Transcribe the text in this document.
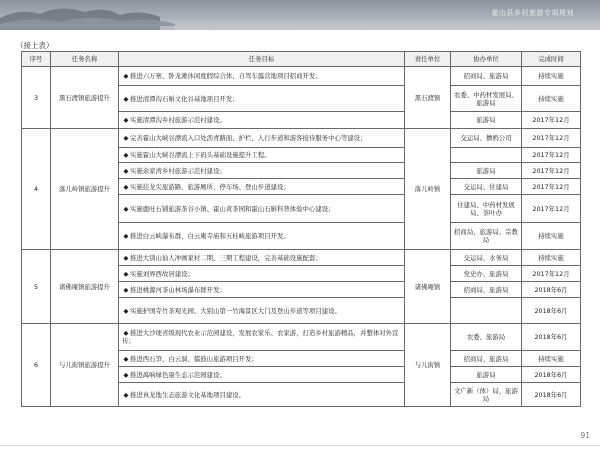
霍山县乡村旅游专项规划
（接上表）
序号	任务名称	任务目标	责任单位	协办单位	完成时间
3	黑石渡镇旅游提升	◆ 推进六万寨、卧龙滩休闲度假综合体、自驾车露营地项目招商开发；	黑石渡镇	招商局、旅游局	持续实施
		◆ 推进清潭沟石斛文化谷基地项目开发；		农委、中药材发展局、旅游局	持续实施
		◆ 实施清潭沟乡村旅游示范村建设。		旅游局	2017年12月
4	落儿岭镇旅游提升	◆ 完善霍山大峡谷漂流入口处沥青路面、护栏、人行步道和游客接待服务中心等建设；	落儿岭镇	交运局、撸鸥公司	2017年12月
		◆ 实施霍山大峡谷漂流上下码头基础设施提升工程。			2017年12月
		◆ 实施余家湾乡村旅游示范村建设；		旅游局	2017年12月
		◆ 实施挂龙尖旅游路、旅游厕所、停车场、登山步道建设；		交运局、住建局	2017年12月
		◆ 实施鹿吐石铺旅游茶谷小镇、霍山黄茶园和霍山石斛科普体验中心建设；		住建局、中药材发展局、茶叶办	2017年12月
		◆ 推进白云峡瀑布群、白云庵寺庙和五桂峡旅游项目开发。		招商局、旅游局、宗教局	持续实施
5	诸佛庵镇旅游提升	◆ 推进大别山仙人冲画家村二期、三期工程建设，完善基础设施配套；	诸佛庵镇	交运局、水务局	持续实施
		◆ 实施刘界西故居建设；		党史办、旅游局	2017年12月
		◆ 推进桃源河茶山林场瀑布群开发；		招商局、旅游局	2018年6月
		◆ 实施护国寺竹茶观光园、大别山第一竹海景区大门及登山步道等项目建设。			2018年6月
6	与儿街镇旅游提升	◆ 推进大沙埂省级现代农业示范园建设，发展农家乐、农家游，打造乡村旅游精品，并整体对外宣传；	与儿街镇	农委、旅游局	2018年6月
		◆ 推进西石笋、白云洞、擂鼓山旅游项目开发；		招商局、旅游局	持续实施
		◆ 推进禹响绿色康生态示范园建设；		旅游局	2018年6月
		◆ 推进真龙地生态旅游文化基地项目建设。		文广新（体）局、旅游局	2018年6月
91
